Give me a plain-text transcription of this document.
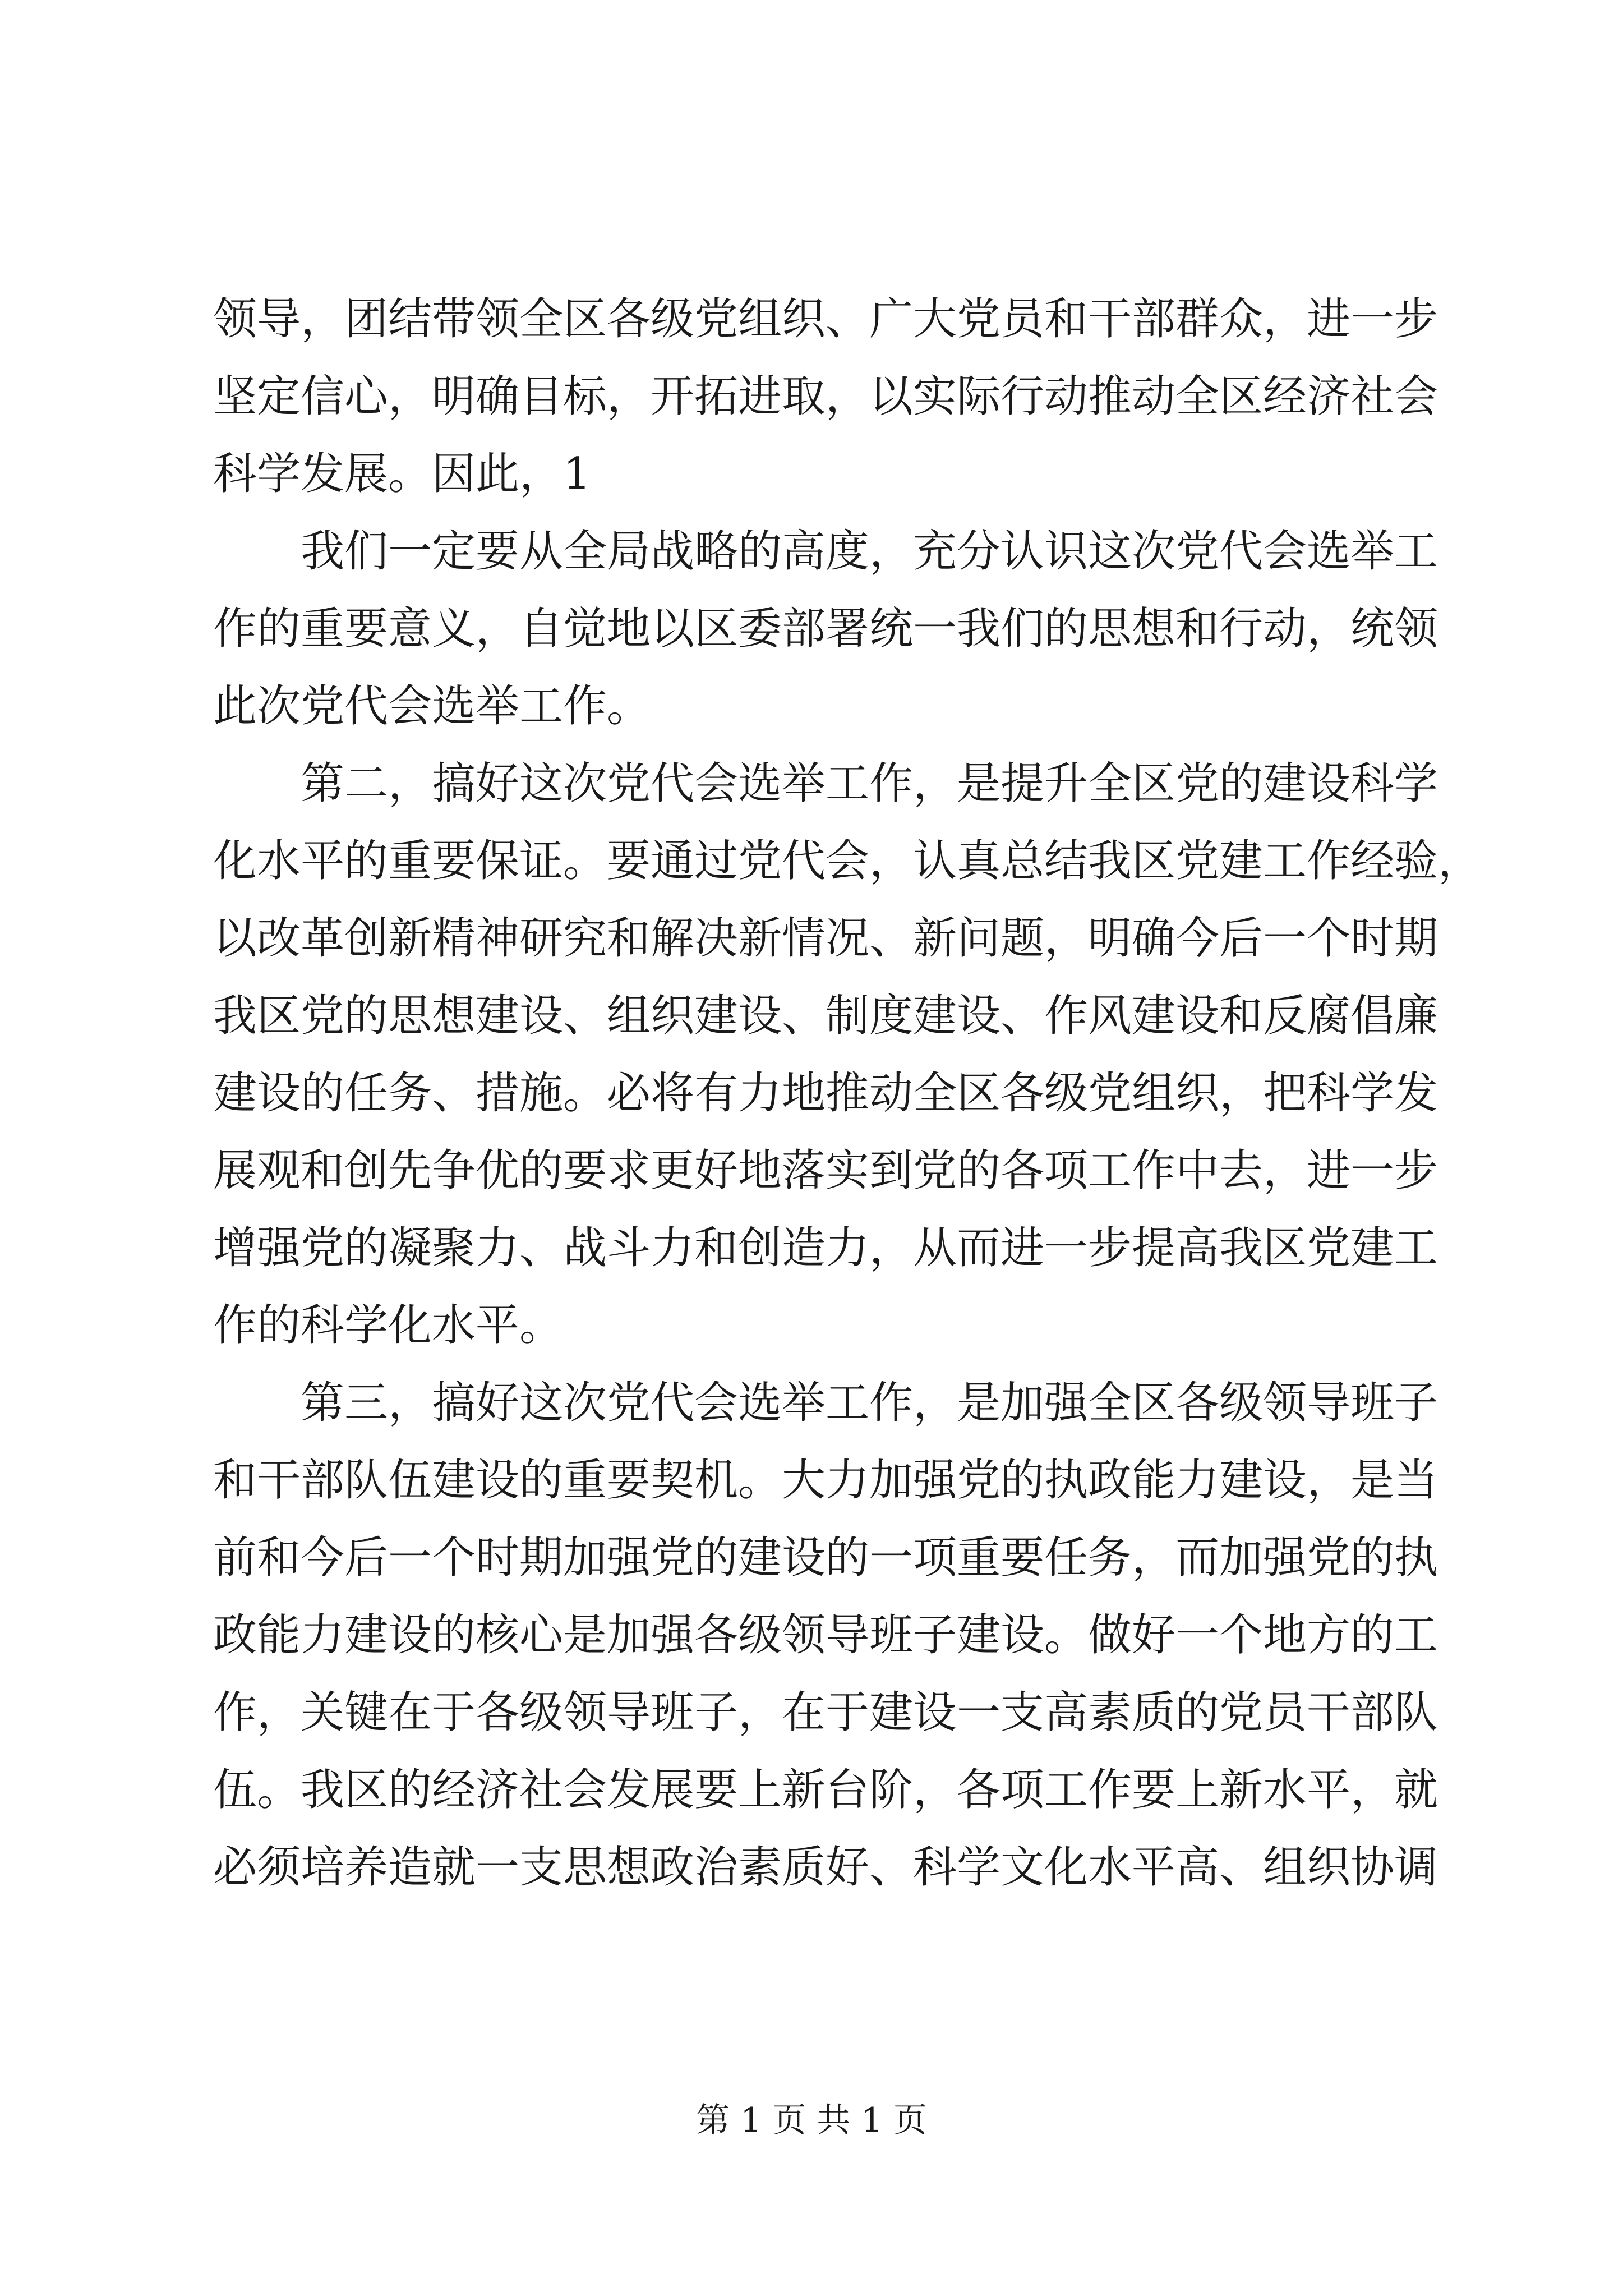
领导，团结带领全区各级党组织、广大党员和干部群众，进一步
坚定信心，明确目标，开拓进取，以实际行动推动全区经济社会
科学发展。因此，1
我们一定要从全局战略的高度，充分认识这次党代会选举工
作的重要意义，自觉地以区委部署统一我们的思想和行动，统领
此次党代会选举工作。
第二，搞好这次党代会选举工作，是提升全区党的建设科学
化水平的重要保证。要通过党代会，认真总结我区党建工作经验，
以改革创新精神研究和解决新情况、新问题，明确今后一个时期
我区党的思想建设、组织建设、制度建设、作风建设和反腐倡廉
建设的任务、措施。必将有力地推动全区各级党组织，把科学发
展观和创先争优的要求更好地落实到党的各项工作中去，进一步
增强党的凝聚力、战斗力和创造力，从而进一步提高我区党建工
作的科学化水平。
第三，搞好这次党代会选举工作，是加强全区各级领导班子
和干部队伍建设的重要契机。大力加强党的执政能力建设，是当
前和今后一个时期加强党的建设的一项重要任务，而加强党的执
政能力建设的核心是加强各级领导班子建设。做好一个地方的工
作，关键在于各级领导班子，在于建设一支高素质的党员干部队
伍。我区的经济社会发展要上新台阶，各项工作要上新水平，就
必须培养造就一支思想政治素质好、科学文化水平高、组织协调
第 1 页 共 1 页
